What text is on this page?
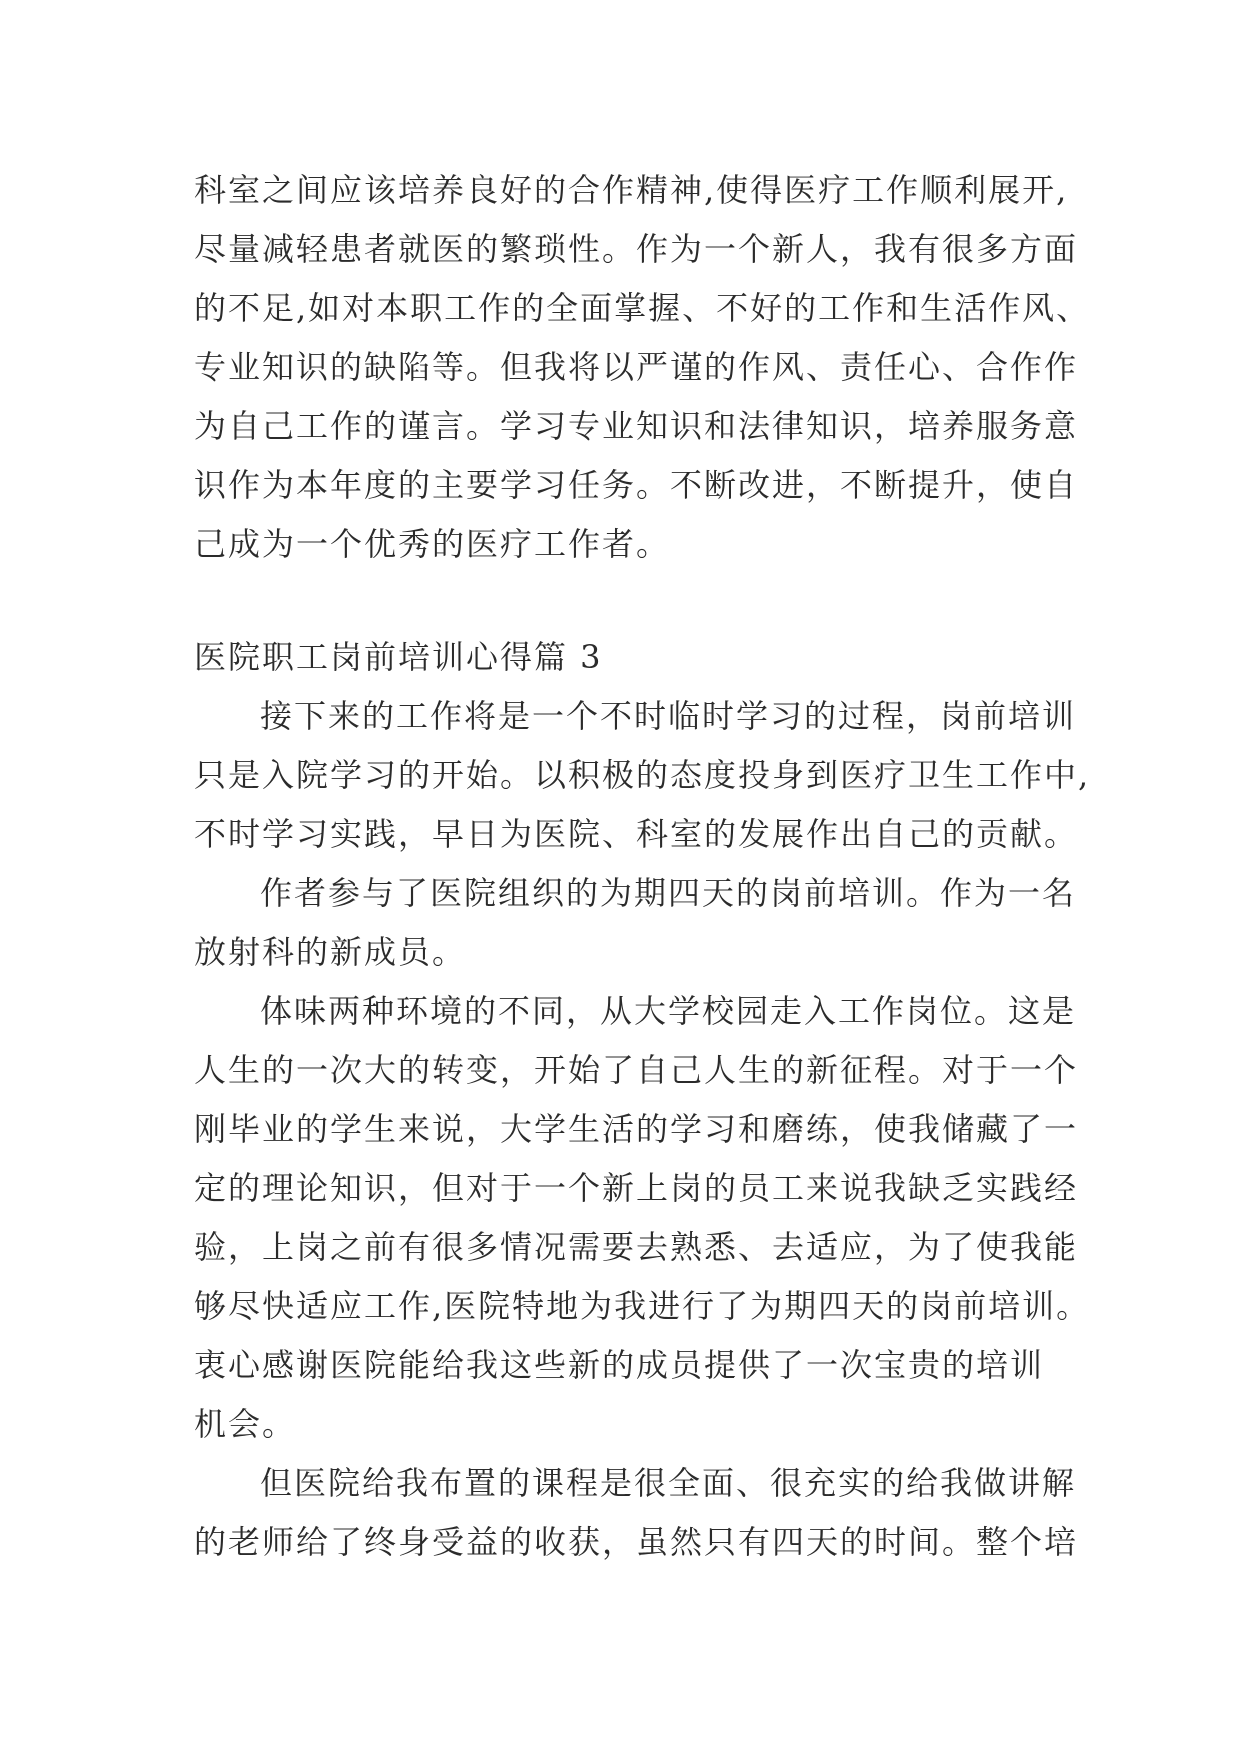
科室之间应该培养良好的合作精神,使得医疗工作顺利展开,
尽量减轻患者就医的繁琐性。作为一个新人，我有很多方面
的不足,如对本职工作的全面掌握、不好的工作和生活作风、
专业知识的缺陷等。但我将以严谨的作风、责任心、合作作
为自己工作的谨言。学习专业知识和法律知识，培养服务意
识作为本年度的主要学习任务。不断改进，不断提升，使自
己成为一个优秀的医疗工作者。
医院职工岗前培训心得篇 3
接下来的工作将是一个不时临时学习的过程，岗前培训
只是入院学习的开始。以积极的态度投身到医疗卫生工作中,
不时学习实践，早日为医院、科室的发展作出自己的贡献。
作者参与了医院组织的为期四天的岗前培训。作为一名
放射科的新成员。
体味两种环境的不同，从大学校园走入工作岗位。这是
人生的一次大的转变，开始了自己人生的新征程。对于一个
刚毕业的学生来说，大学生活的学习和磨练，使我储藏了一
定的理论知识，但对于一个新上岗的员工来说我缺乏实践经
验，上岗之前有很多情况需要去熟悉、去适应，为了使我能
够尽快适应工作,医院特地为我进行了为期四天的岗前培训。
衷心感谢医院能给我这些新的成员提供了一次宝贵的培训
机会。
但医院给我布置的课程是很全面、很充实的给我做讲解
的老师给了终身受益的收获，虽然只有四天的时间。整个培
